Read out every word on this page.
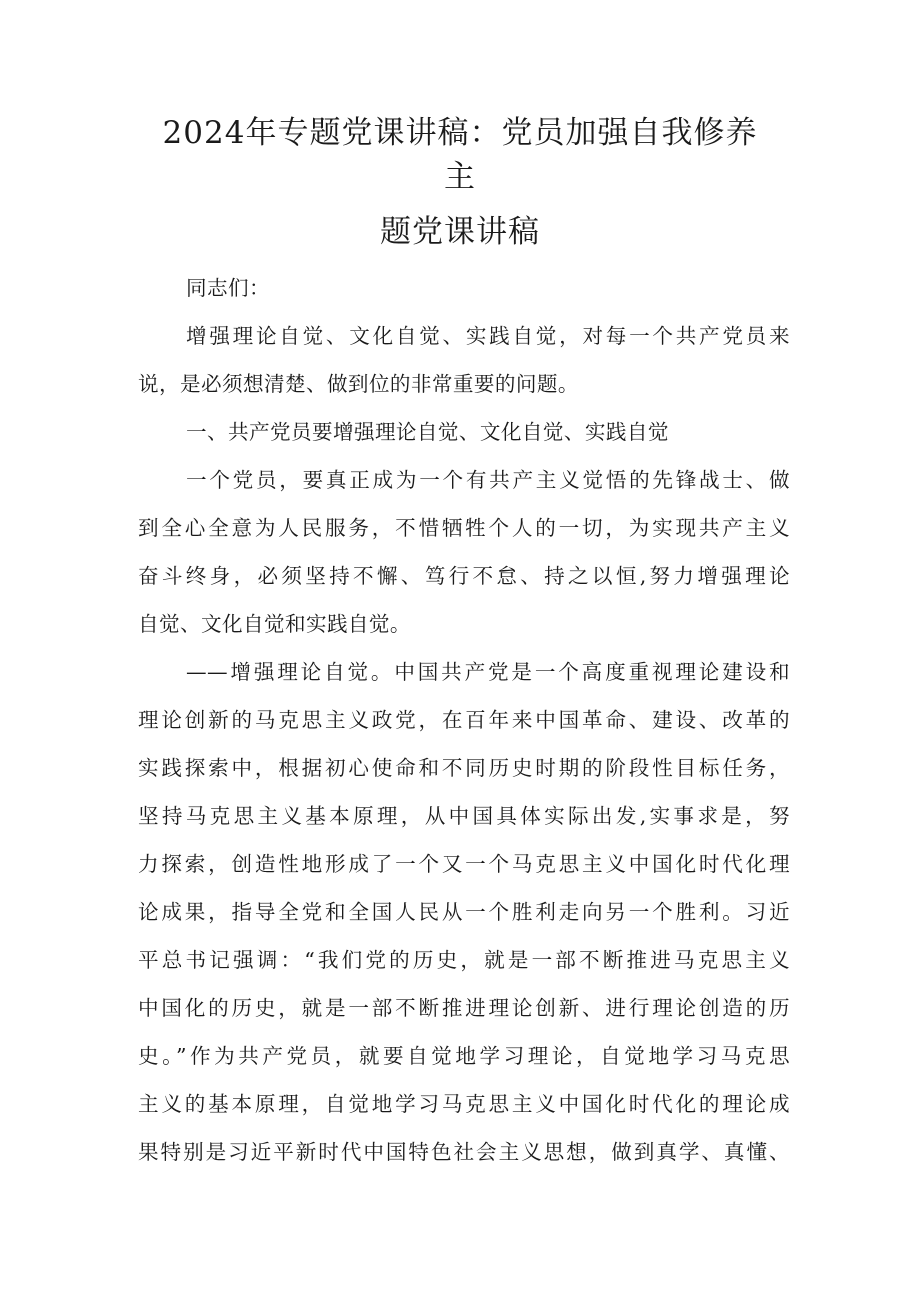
2024年专题党课讲稿：党员加强自我修养
主
题党课讲稿
同志们：
增强理论自觉、文化自觉、实践自觉，对每一个共产党员来
说，是必须想清楚、做到位的非常重要的问题。
一、共产党员要增强理论自觉、文化自觉、实践自觉
一个党员，要真正成为一个有共产主义觉悟的先锋战士、做
到全心全意为人民服务，不惜牺牲个人的一切，为实现共产主义
奋斗终身，必须坚持不懈、笃行不怠、持之以恒,努力增强理论
自觉、文化自觉和实践自觉。
——增强理论自觉。中国共产党是一个高度重视理论建设和
理论创新的马克思主义政党，在百年来中国革命、建设、改革的
实践探索中，根据初心使命和不同历史时期的阶段性目标任务，
坚持马克思主义基本原理，从中国具体实际出发,实事求是，努
力探索，创造性地形成了一个又一个马克思主义中国化时代化理
论成果，指导全党和全国人民从一个胜利走向另一个胜利。习近
平总书记强调：“我们党的历史，就是一部不断推进马克思主义
中国化的历史，就是一部不断推进理论创新、进行理论创造的历
史。”作为共产党员，就要自觉地学习理论，自觉地学习马克思
主义的基本原理，自觉地学习马克思主义中国化时代化的理论成
果特别是习近平新时代中国特色社会主义思想，做到真学、真懂、
